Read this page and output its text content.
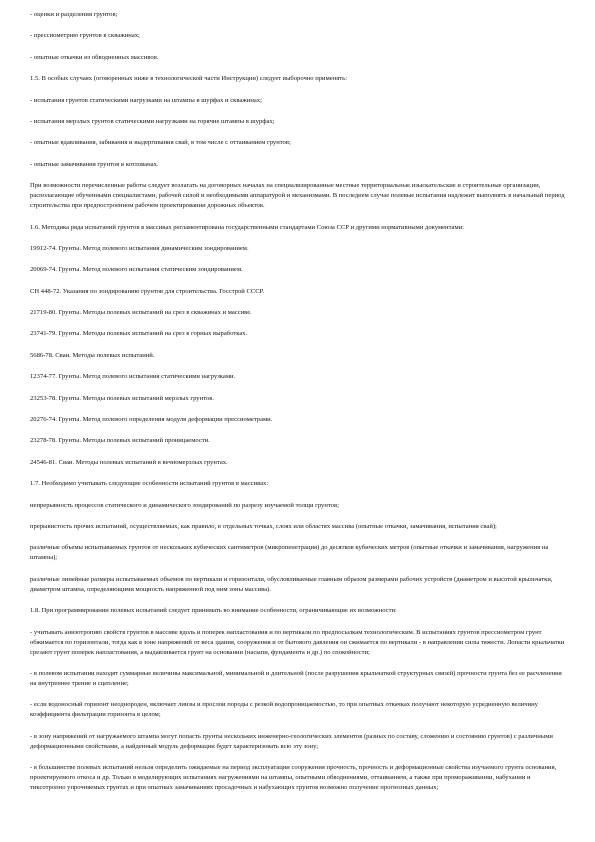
- оценки и разделения грунтов;

- прессиометрию грунтов в скважинах;

- опытные откачки из обводненных массивов.

1.5. В особых случаях (оговоренных ниже в технологической части Инструкции) следует выборочно применять:

- испытания грунтов статическими нагрузками на штампы в шурфах и скважинах;

- испытания мерзлых грунтов статическими нагрузками на горячие штампы в шурфах;

- опытные вдавливания, забивания и выдергивания свай, в том числе с оттаиванием грунтов;

- опытные замачивания грунтов в котлованах.

При возможности перечисленные работы следует возлагать на договорных началах на специализированные местные территориальные изыскательские и строительные организации, располагающие обученными специалистами, рабочей силой и необходимыми аппаратурой и механизмами. В последнем случае полевые испытания надлежит выполнять в начальный период строительства при предпостроенном рабочем проектировании дорожных объектов.

1.6. Методика ряда испытаний грунтов в массивах регламентирована государственными стандартами Союза ССР и другими нормативными документами:

19912-74. Грунты. Метод полевого испытания динамическим зондированием.

20069-74. Грунты. Метод полевого испытания статическим зондированием.

СН 448-72. Указания по зондированию грунтов для строительства. Госстрой СССР.

21719-80. Грунты. Методы полевых испытаний на срез в скважинах и массиве.

23741-79. Грунты. Методы полевых испытаний на срез в горных выработках.

5686-78. Сваи. Методы полевых испытаний.

12374-77. Грунты. Метод полевого испытания статическими нагрузками.

23253-78. Грунты. Методы полевых испытаний мерзлых грунтов.

20276-74. Грунты. Метод полевого определения модуля деформации прессиометрами.

23278-78. Грунты. Методы полевых испытаний проницаемости.

24546-81. Сваи. Методы полевых испытаний в вечномерзлых грунтах.

1.7. Необходимо учитывать следующие особенности испытаний грунтов в массивах:

непрерывность процессов статического и динамического зондирований по разрезу изучаемой толщи грунтов;

прерывистость прочих испытаний, осуществляемых, как правило, в отдельных точках, слоях или областях массива (опытные откачки, замачивания, испытания свай);

различные объемы испытываемых грунтов от нескольких кубических сантиметров (микропенетрация) до десятков кубических метров (опытные откачки и замачивания, нагружения на штампы);

различные линейные размеры испытываемых объемов по вертикали и горизонтали, обусловливаемые главным образом размерами рабочих устройств (диаметром и высотой крыльчатки, диаметром штампа, определяющими мощность напряженной под ним зоны массива).

1.8. При программировании полевых испытаний следует принимать во внимание особенности, ограничивающие их возможности:

- учитывать анизотропию свойств грунтов в массиве вдоль и поперек напластования и по вертикали по предпосылкам технологическим. В испытаниях грунтов прессиометром грунт обжимается по горизонтали, тогда как в зоне напряжений от веса здания, сооружения и от бытового давления он сжимается по вертикали - в направлении силы тяжести. Лопасти крыльчатки срезают грунт поперек напластования, а выдавливается грунт на основании (насыпи, фундамента и др.) по спокойности;

- в полевом испытании находят суммарные величины максимальной, минимальной и длительной (после разрушения крыльчаткой структурных связей) прочности грунта без ее расчленения на внутреннее трение и сцепление;

- если водоносный горизонт неоднороден, включает линзы и прослои породы с резкой водопроницаемостью, то при опытных откачках получают некоторую усредненную величину коэффициента фильтрации горизонта в целом;

- в зону напряжений от нагружаемого штампа могут попасть грунты нескольких инженерно-геологических элементов (разных по составу, сложению и состоянию грунтов) с различными деформационными свойствами, а найденный модуль деформации будет характеризовать всю эту зону;

- в большинстве полевых испытаний нельзя определить ожидаемые на период эксплуатации сооружения прочность, прочность и деформационные свойства изучаемого грунта основания, проектируемого откоса и др. Только в моделирующих испытаниях нагружениями на штампы, опытными обводнениями, оттаиванием, а также при промораживании, набухании и тиксотропно упрочняемых грунтах и при опытных замачиваниях просадочных и набухающих грунтов возможно получение прогнозных данных;
